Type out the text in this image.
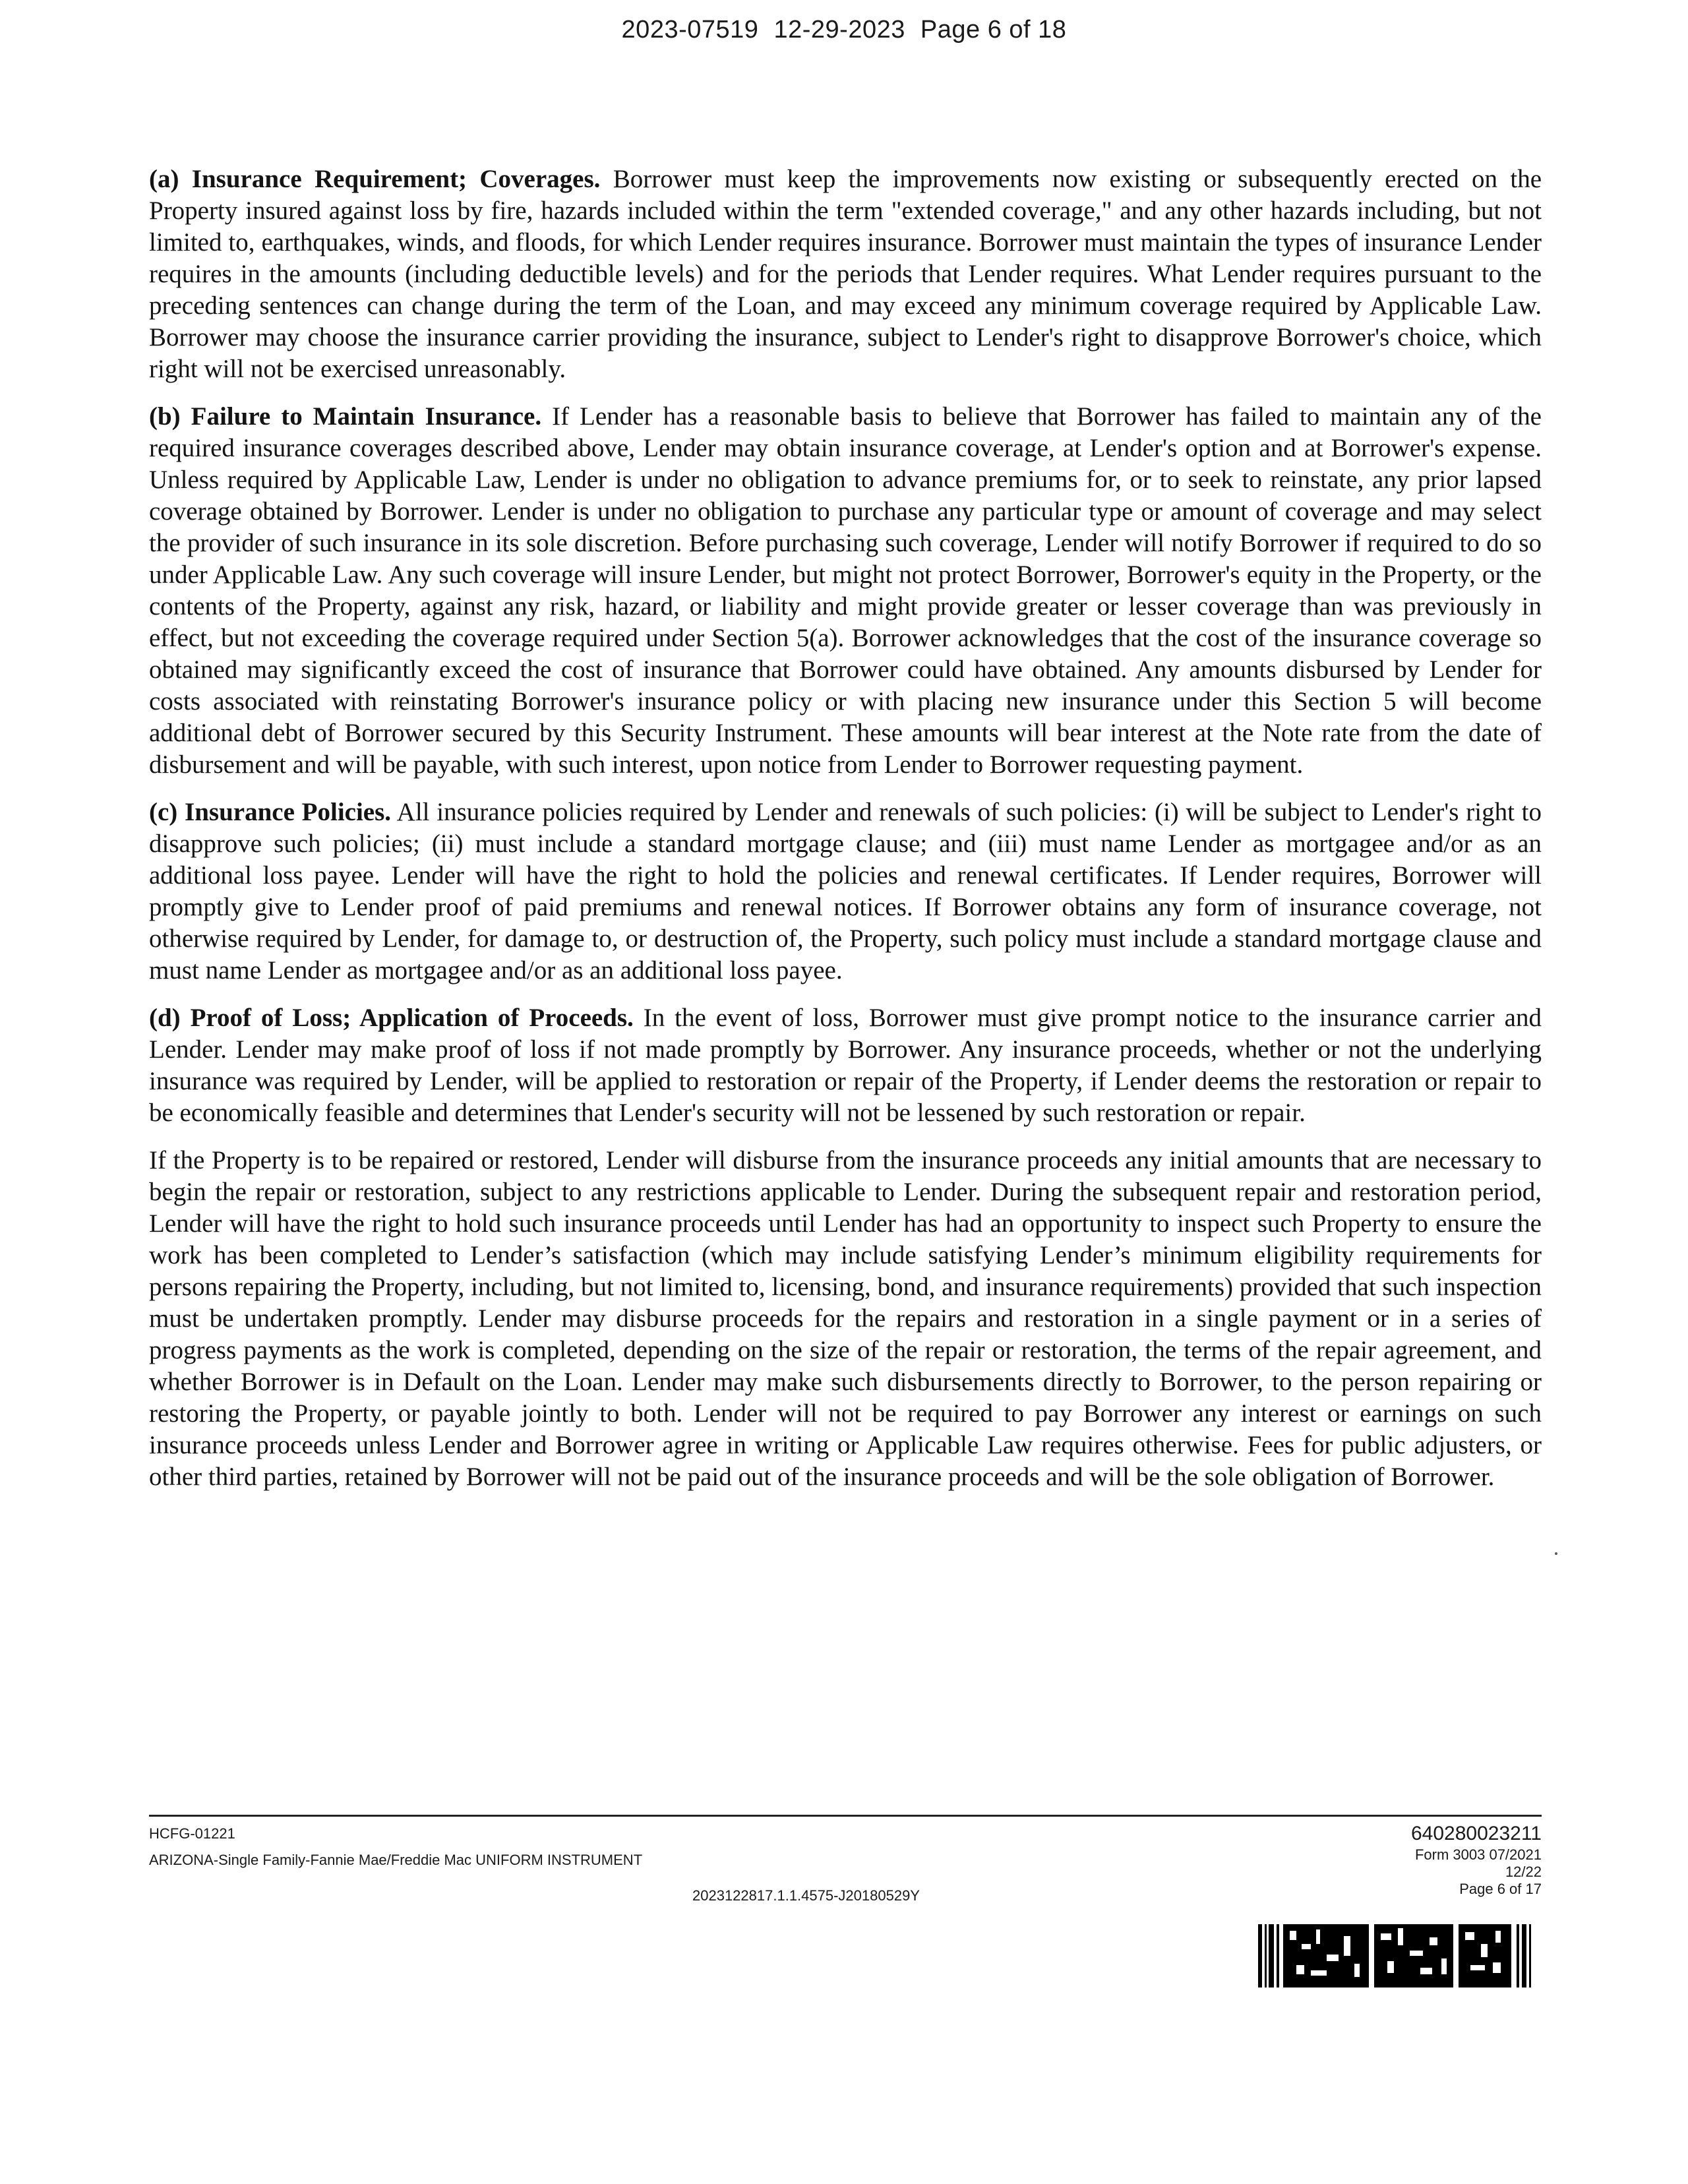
2023-07519 12-29-2023 Page 6 of 18

(a) Insurance Requirement; Coverages. Borrower must keep the improvements now existing or subsequently erected on the Property insured against loss by fire, hazards included within the term "extended coverage," and any other hazards including, but not limited to, earthquakes, winds, and floods, for which Lender requires insurance. Borrower must maintain the types of insurance Lender requires in the amounts (including deductible levels) and for the periods that Lender requires. What Lender requires pursuant to the preceding sentences can change during the term of the Loan, and may exceed any minimum coverage required by Applicable Law. Borrower may choose the insurance carrier providing the insurance, subject to Lender's right to disapprove Borrower's choice, which right will not be exercised unreasonably.

(b) Failure to Maintain Insurance. If Lender has a reasonable basis to believe that Borrower has failed to maintain any of the required insurance coverages described above, Lender may obtain insurance coverage, at Lender's option and at Borrower's expense. Unless required by Applicable Law, Lender is under no obligation to advance premiums for, or to seek to reinstate, any prior lapsed coverage obtained by Borrower. Lender is under no obligation to purchase any particular type or amount of coverage and may select the provider of such insurance in its sole discretion. Before purchasing such coverage, Lender will notify Borrower if required to do so under Applicable Law. Any such coverage will insure Lender, but might not protect Borrower, Borrower's equity in the Property, or the contents of the Property, against any risk, hazard, or liability and might provide greater or lesser coverage than was previously in effect, but not exceeding the coverage required under Section 5(a). Borrower acknowledges that the cost of the insurance coverage so obtained may significantly exceed the cost of insurance that Borrower could have obtained. Any amounts disbursed by Lender for costs associated with reinstating Borrower's insurance policy or with placing new insurance under this Section 5 will become additional debt of Borrower secured by this Security Instrument. These amounts will bear interest at the Note rate from the date of disbursement and will be payable, with such interest, upon notice from Lender to Borrower requesting payment.

(c) Insurance Policies. All insurance policies required by Lender and renewals of such policies: (i) will be subject to Lender's right to disapprove such policies; (ii) must include a standard mortgage clause; and (iii) must name Lender as mortgagee and/or as an additional loss payee. Lender will have the right to hold the policies and renewal certificates. If Lender requires, Borrower will promptly give to Lender proof of paid premiums and renewal notices. If Borrower obtains any form of insurance coverage, not otherwise required by Lender, for damage to, or destruction of, the Property, such policy must include a standard mortgage clause and must name Lender as mortgagee and/or as an additional loss payee.

(d) Proof of Loss; Application of Proceeds. In the event of loss, Borrower must give prompt notice to the insurance carrier and Lender. Lender may make proof of loss if not made promptly by Borrower. Any insurance proceeds, whether or not the underlying insurance was required by Lender, will be applied to restoration or repair of the Property, if Lender deems the restoration or repair to be economically feasible and determines that Lender's security will not be lessened by such restoration or repair.

If the Property is to be repaired or restored, Lender will disburse from the insurance proceeds any initial amounts that are necessary to begin the repair or restoration, subject to any restrictions applicable to Lender. During the subsequent repair and restoration period, Lender will have the right to hold such insurance proceeds until Lender has had an opportunity to inspect such Property to ensure the work has been completed to Lender’s satisfaction (which may include satisfying Lender’s minimum eligibility requirements for persons repairing the Property, including, but not limited to, licensing, bond, and insurance requirements) provided that such inspection must be undertaken promptly. Lender may disburse proceeds for the repairs and restoration in a single payment or in a series of progress payments as the work is completed, depending on the size of the repair or restoration, the terms of the repair agreement, and whether Borrower is in Default on the Loan. Lender may make such disbursements directly to Borrower, to the person repairing or restoring the Property, or payable jointly to both. Lender will not be required to pay Borrower any interest or earnings on such insurance proceeds unless Lender and Borrower agree in writing or Applicable Law requires otherwise. Fees for public adjusters, or other third parties, retained by Borrower will not be paid out of the insurance proceeds and will be the sole obligation of Borrower.

HCFG-01221
ARIZONA-Single Family-Fannie Mae/Freddie Mac UNIFORM INSTRUMENT
2023122817.1.1.4575-J20180529Y
640280023211
Form 3003 07/2021
12/22
Page 6 of 17
